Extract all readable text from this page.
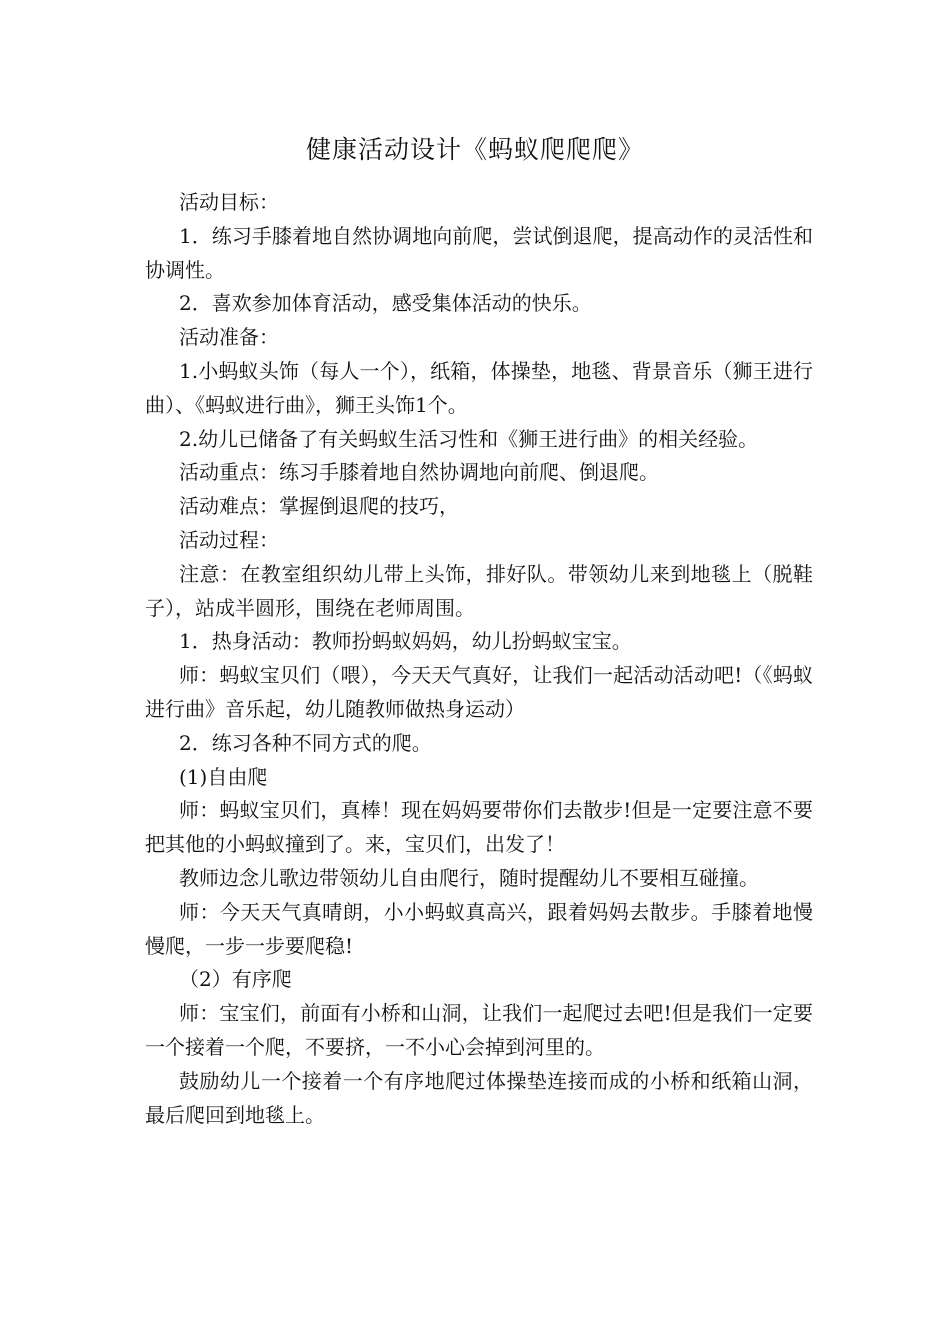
健康活动设计《蚂蚁爬爬爬》

活动目标：

1．练习手膝着地自然协调地向前爬，尝试倒退爬，提高动作的灵活性和协调性。

2．喜欢参加体育活动，感受集体活动的快乐。

活动准备：

1.小蚂蚁头饰（每人一个），纸箱，体操垫，地毯、背景音乐（狮王进行曲）、《蚂蚁进行曲》，狮王头饰1个。

2.幼儿已储备了有关蚂蚁生活习性和《狮王进行曲》的相关经验。

活动重点：练习手膝着地自然协调地向前爬、倒退爬。

活动难点：掌握倒退爬的技巧，

活动过程：

注意：在教室组织幼儿带上头饰，排好队。带领幼儿来到地毯上（脱鞋子），站成半圆形，围绕在老师周围。

1．热身活动：教师扮蚂蚁妈妈，幼儿扮蚂蚁宝宝。

师：蚂蚁宝贝们（喂），今天天气真好，让我们一起活动活动吧!（《蚂蚁进行曲》音乐起，幼儿随教师做热身运动）

2．练习各种不同方式的爬。

(1)自由爬

师：蚂蚁宝贝们，真棒！现在妈妈要带你们去散步!但是一定要注意不要把其他的小蚂蚁撞到了。来，宝贝们，出发了！

教师边念儿歌边带领幼儿自由爬行，随时提醒幼儿不要相互碰撞。

师：今天天气真晴朗，小小蚂蚁真高兴，跟着妈妈去散步。手膝着地慢慢爬，一步一步要爬稳!

（2）有序爬

师：宝宝们，前面有小桥和山洞，让我们一起爬过去吧!但是我们一定要一个接着一个爬，不要挤，一不小心会掉到河里的。

鼓励幼儿一个接着一个有序地爬过体操垫连接而成的小桥和纸箱山洞，最后爬回到地毯上。
